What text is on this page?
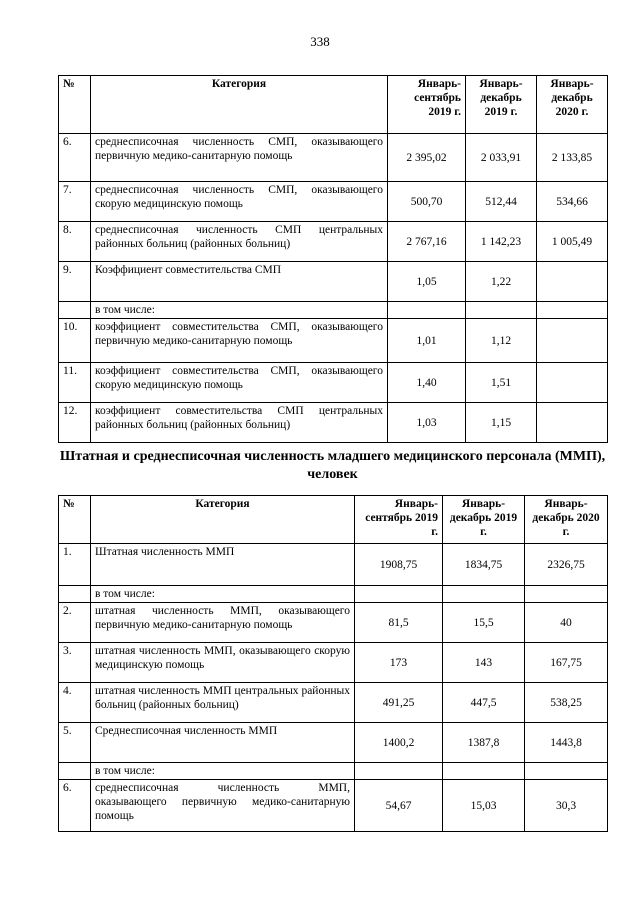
338
№	Категория	Январь-сентябрь 2019 г.	Январь-декабрь 2019 г.	Январь-декабрь 2020 г.
6.	среднесписочная численность СМП, оказывающего первичную медико-санитарную помощь	2 395,02	2 033,91	2 133,85
7.	среднесписочная численность СМП, оказывающего скорую медицинскую помощь	500,70	512,44	534,66
8.	среднесписочная численность СМП центральных районных больниц (районных больниц)	2 767,16	1 142,23	1 005,49
9.	Коэффициент совместительства СМП	1,05	1,22	
	в том числе:			
10.	коэффициент совместительства СМП, оказывающего первичную медико-санитарную помощь	1,01	1,12	
11.	коэффициент совместительства СМП, оказывающего скорую медицинскую помощь	1,40	1,51	
12.	коэффициент совместительства СМП центральных районных больниц (районных больниц)	1,03	1,15	
Штатная и среднесписочная численность младшего медицинского персонала (ММП), человек
№	Категория	Январь-сентябрь 2019 г.	Январь-декабрь 2019 г.	Январь-декабрь 2020 г.
1.	Штатная численность ММП	1908,75	1834,75	2326,75
	в том числе:			
2.	штатная численность ММП, оказывающего первичную медико-санитарную помощь	81,5	15,5	40
3.	штатная численность ММП, оказывающего скорую медицинскую помощь	173	143	167,75
4.	штатная численность ММП центральных районных больниц (районных больниц)	491,25	447,5	538,25
5.	Среднесписочная численность ММП	1400,2	1387,8	1443,8
	в том числе:			
6.	среднесписочная численность ММП, оказывающего первичную медико-санитарную помощь	54,67	15,03	30,3
